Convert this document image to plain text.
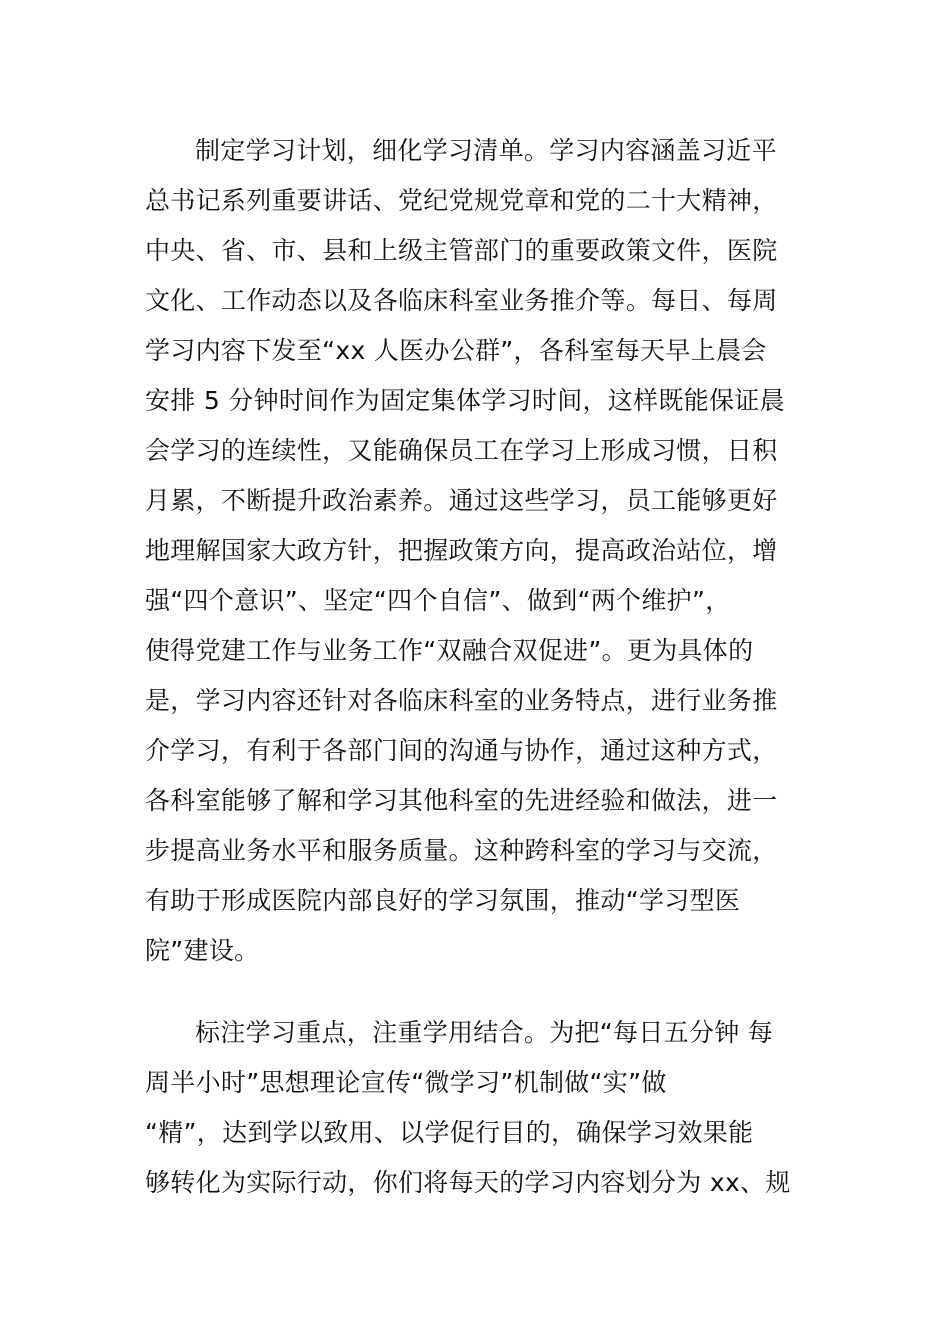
制定学习计划，细化学习清单。学习内容涵盖习近平
总书记系列重要讲话、党纪党规党章和党的二十大精神，
中央、省、市、县和上级主管部门的重要政策文件，医院
文化、工作动态以及各临床科室业务推介等。每日、每周
学习内容下发至“xx 人医办公群”，各科室每天早上晨会
安排 5 分钟时间作为固定集体学习时间，这样既能保证晨
会学习的连续性，又能确保员工在学习上形成习惯，日积
月累，不断提升政治素养。通过这些学习，员工能够更好
地理解国家大政方针，把握政策方向，提高政治站位，增
强“四个意识”、坚定“四个自信”、做到“两个维护”，
使得党建工作与业务工作“双融合双促进”。更为具体的
是，学习内容还针对各临床科室的业务特点，进行业务推
介学习，有利于各部门间的沟通与协作，通过这种方式，
各科室能够了解和学习其他科室的先进经验和做法，进一
步提高业务水平和服务质量。这种跨科室的学习与交流，
有助于形成医院内部良好的学习氛围，推动“学习型医
院”建设。
标注学习重点，注重学用结合。为把“每日五分钟 每
周半小时”思想理论宣传“微学习”机制做“实”做
“精”，达到学以致用、以学促行目的，确保学习效果能
够转化为实际行动，你们将每天的学习内容划分为 xx、规
